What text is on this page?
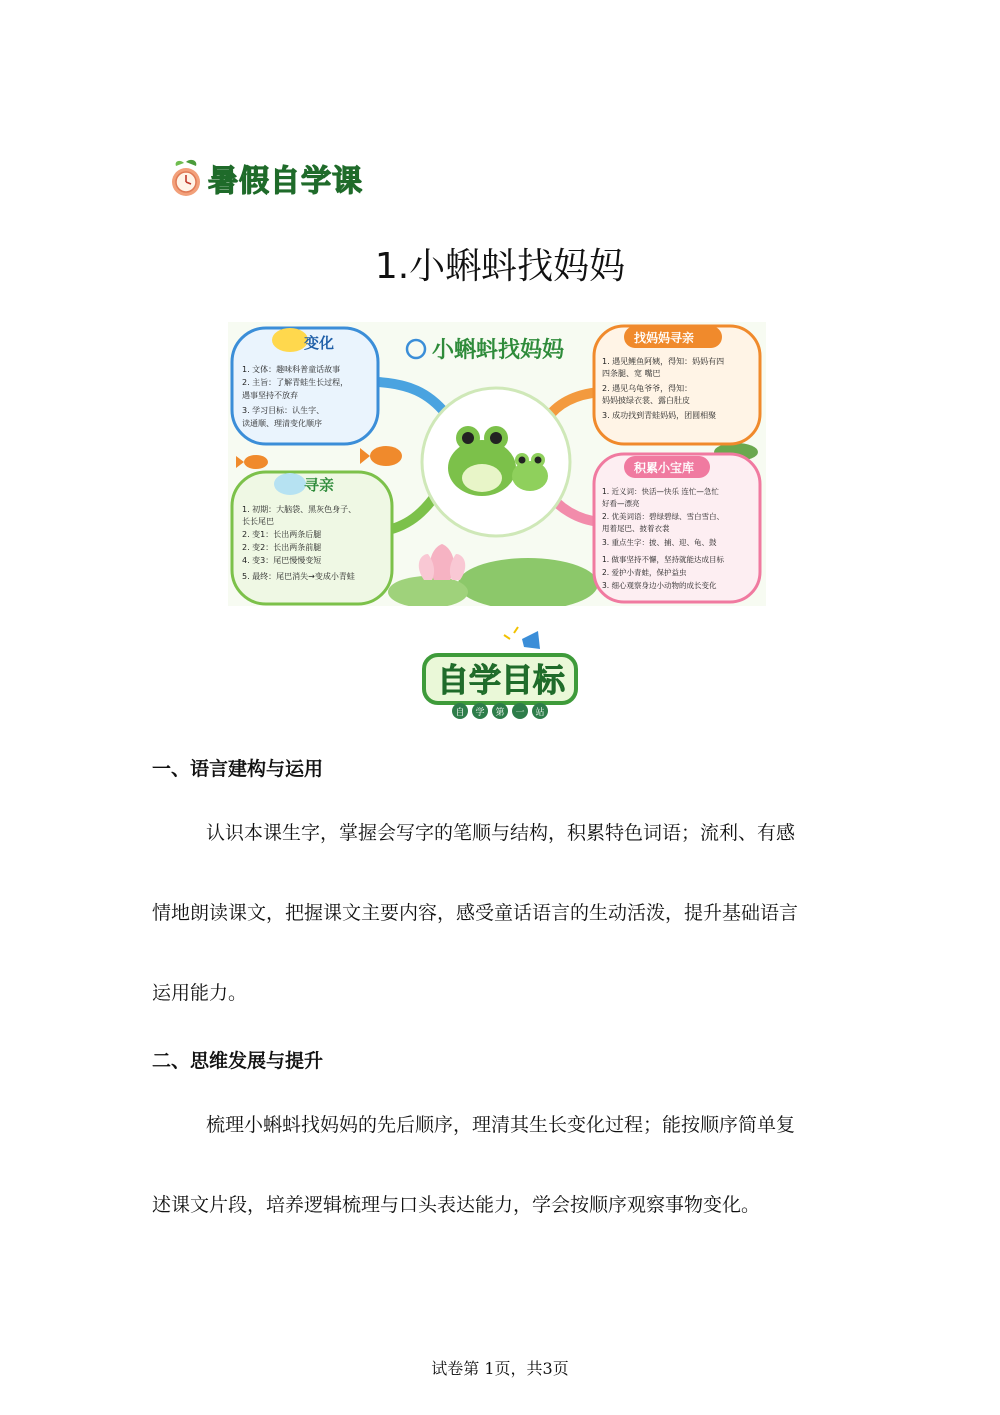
暑假自学课
1.小蝌蚪找妈妈
小蝌蚪找妈妈
变化
1. 文体：趣味科普童话故事
2. 主旨：了解青蛙生长过程，
遇事坚持不放弃
3. 学习目标：认生字、
读通顺、理清变化顺序
寻亲
1. 初期：大脑袋、黑灰色身子、
长长尾巴
2. 变1：长出两条后腿
2. 变2：长出两条前腿
4. 变3：尾巴慢慢变短
5. 最终：尾巴消失→变成小青蛙
找妈妈寻亲
1. 遇见鲤鱼阿姨，得知：妈妈有四
四条腿、宽 嘴巴
2. 遇见乌龟爷爷，得知：
妈妈披绿衣裳、露白肚皮
3. 成功找到青蛙妈妈，团圆相聚
积累小宝库
1. 近义词：快活—快乐 连忙—急忙
好看—漂亮
2. 优美词语：碧绿碧绿、雪白雪白、
甩着尾巴、披着衣裳
3. 重点生字：披、捕、迎、龟、鼓
1. 做事坚持不懈，坚持就能达成目标
2. 爱护小青蛙，保护益虫
3. 细心观察身边小动物的成长变化
自学目标
自 学 第 一 站
一、语言建构与运用
认识本课生字，掌握会写字的笔顺与结构，积累特色词语；流利、有感
情地朗读课文，把握课文主要内容，感受童话语言的生动活泼，提升基础语言
运用能力。
二、思维发展与提升
梳理小蝌蚪找妈妈的先后顺序，理清其生长变化过程；能按顺序简单复
述课文片段，培养逻辑梳理与口头表达能力，学会按顺序观察事物变化。
试卷第 1页，共3页
